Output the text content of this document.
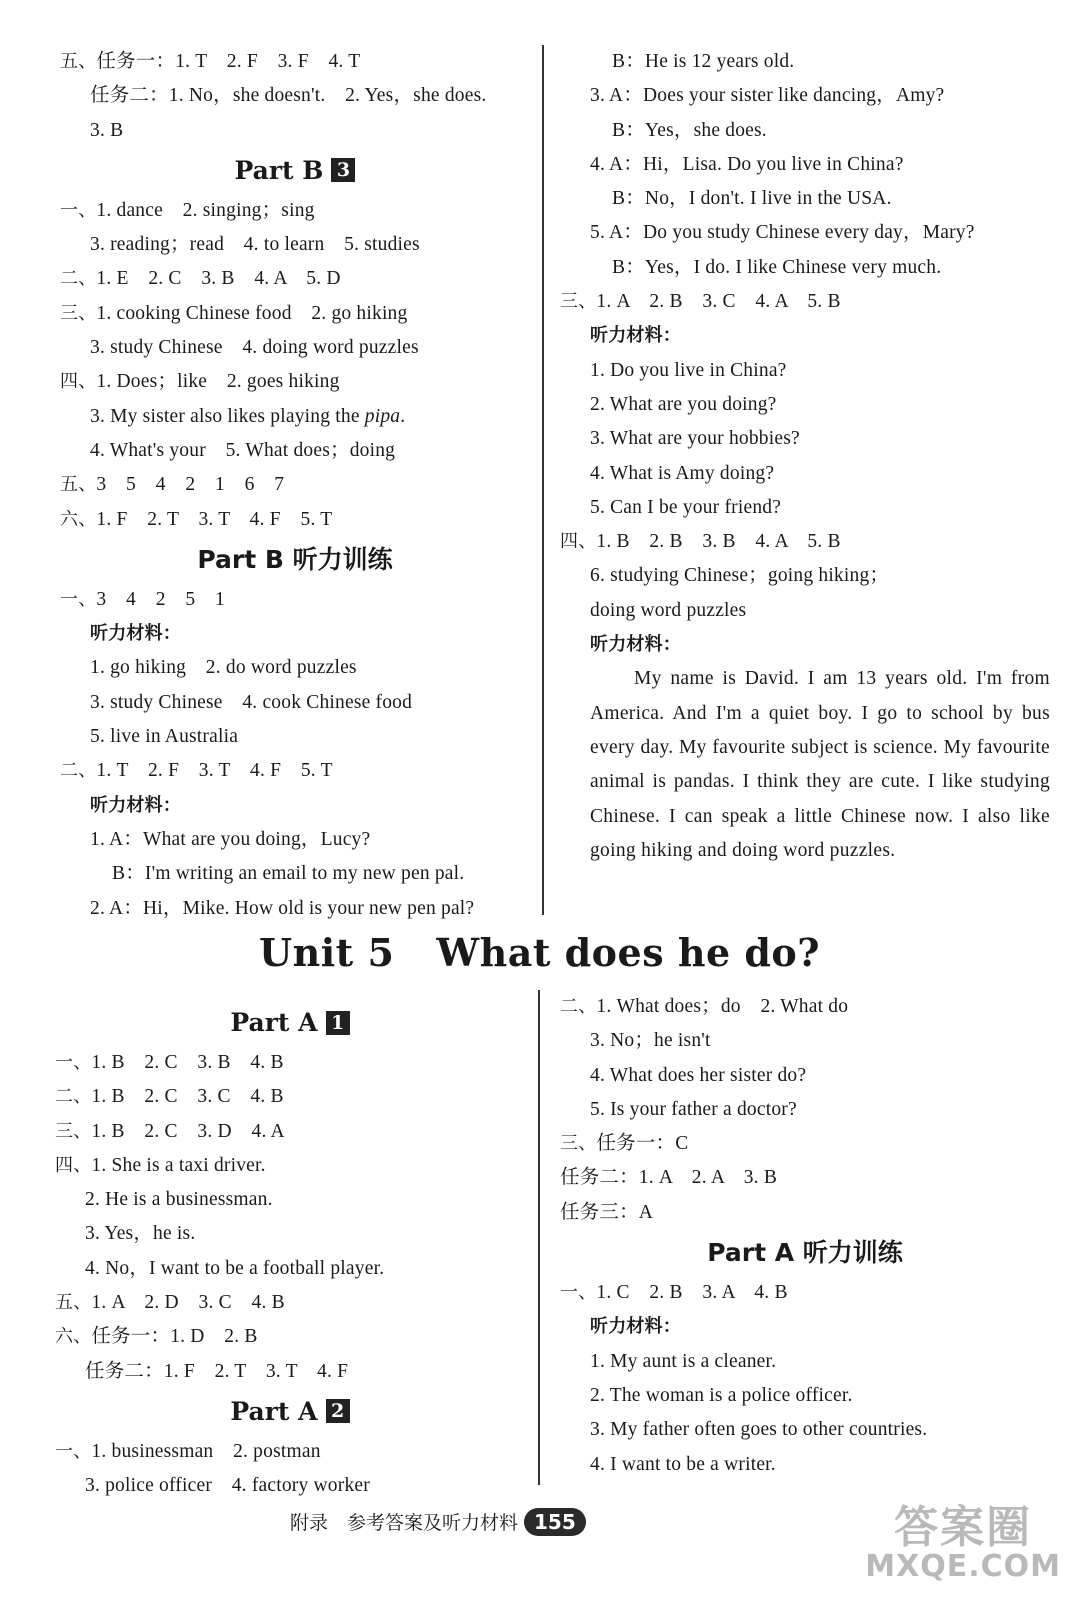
五、任务一：1. T　2. F　3. F　4. T
任务二：1. No，she doesn't.　2. Yes，she does.
3. B
Part B 3
一、1. dance　2. singing；sing
3. reading；read　4. to learn　5. studies
二、1. E　2. C　3. B　4. A　5. D
三、1. cooking Chinese food　2. go hiking
3. study Chinese　4. doing word puzzles
四、1. Does；like　2. goes hiking
3. My sister also likes playing the pipa.
4. What's your　5. What does；doing
五、3　5　4　2　1　6　7
六、1. F　2. T　3. T　4. F　5. T
Part B 听力训练
一、3　4　2　5　1
听力材料：
1. go hiking　2. do word puzzles
3. study Chinese　4. cook Chinese food
5. live in Australia
二、1. T　2. F　3. T　4. F　5. T
听力材料：
1. A：What are you doing，Lucy?
B：I'm writing an email to my new pen pal.
2. A：Hi，Mike. How old is your new pen pal?
B：He is 12 years old.
3. A：Does your sister like dancing，Amy?
B：Yes，she does.
4. A：Hi，Lisa. Do you live in China?
B：No，I don't. I live in the USA.
5. A：Do you study Chinese every day，Mary?
B：Yes，I do. I like Chinese very much.
三、1. A　2. B　3. C　4. A　5. B
听力材料：
1. Do you live in China?
2. What are you doing?
3. What are your hobbies?
4. What is Amy doing?
5. Can I be your friend?
四、1. B　2. B　3. B　4. A　5. B
6. studying Chinese；going hiking；
doing word puzzles
听力材料：
My name is David. I am 13 years old. I'm from America. And I'm a quiet boy. I go to school by bus every day. My favourite subject is science. My favourite animal is pandas. I think they are cute. I like studying Chinese. I can speak a little Chinese now. I also like going hiking and doing word puzzles.
Unit 5 What does he do?
Part A 1
一、1. B　2. C　3. B　4. B
二、1. B　2. C　3. C　4. B
三、1. B　2. C　3. D　4. A
四、1. She is a taxi driver.
2. He is a businessman.
3. Yes，he is.
4. No，I want to be a football player.
五、1. A　2. D　3. C　4. B
六、任务一：1. D　2. B
任务二：1. F　2. T　3. T　4. F
Part A 2
一、1. businessman　2. postman
3. police officer　4. factory worker
二、1. What does；do　2. What do
3. No；he isn't
4. What does her sister do?
5. Is your father a doctor?
三、任务一：C
任务二：1. A　2. A　3. B
任务三：A
Part A 听力训练
一、1. C　2. B　3. A　4. B
听力材料：
1. My aunt is a cleaner.
2. The woman is a police officer.
3. My father often goes to other countries.
4. I want to be a writer.
附录　参考答案及听力材料 155	答案圈
MXQE.COM
